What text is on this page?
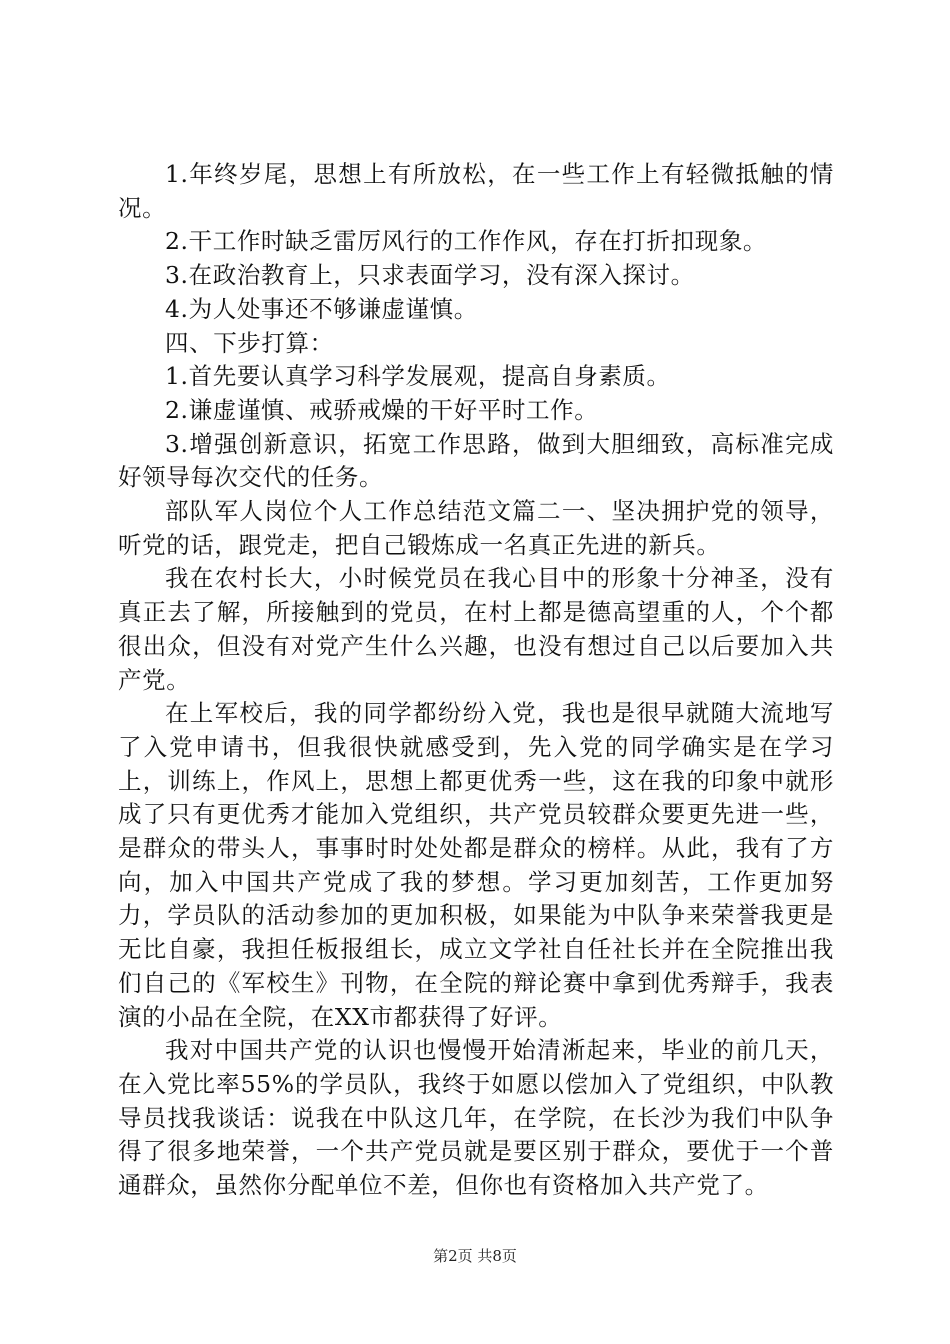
1.年终岁尾，思想上有所放松，在一些工作上有轻微抵触的情况。

2.干工作时缺乏雷厉风行的工作作风，存在打折扣现象。

3.在政治教育上，只求表面学习，没有深入探讨。

4.为人处事还不够谦虚谨慎。

四、下步打算：

1.首先要认真学习科学发展观，提高自身素质。

2.谦虚谨慎、戒骄戒燥的干好平时工作。

3.增强创新意识，拓宽工作思路，做到大胆细致，高标准完成好领导每次交代的任务。

部队军人岗位个人工作总结范文篇二一、坚决拥护党的领导，听党的话，跟党走，把自己锻炼成一名真正先进的新兵。

我在农村长大，小时候党员在我心目中的形象十分神圣，没有真正去了解，所接触到的党员，在村上都是德高望重的人，个个都很出众，但没有对党产生什么兴趣，也没有想过自己以后要加入共产党。

在上军校后，我的同学都纷纷入党，我也是很早就随大流地写了入党申请书，但我很快就感受到，先入党的同学确实是在学习上，训练上，作风上，思想上都更优秀一些，这在我的印象中就形成了只有更优秀才能加入党组织，共产党员较群众要更先进一些，是群众的带头人，事事时时处处都是群众的榜样。从此，我有了方向，加入中国共产党成了我的梦想。学习更加刻苦，工作更加努力，学员队的活动参加的更加积极，如果能为中队争来荣誉我更是无比自豪，我担任板报组长，成立文学社自任社长并在全院推出我们自己的《军校生》刊物，在全院的辩论赛中拿到优秀辩手，我表演的小品在全院，在XX市都获得了好评。

我对中国共产党的认识也慢慢开始清淅起来，毕业的前几天，在入党比率55%的学员队，我终于如愿以偿加入了党组织，中队教导员找我谈话：说我在中队这几年，在学院，在长沙为我们中队争得了很多地荣誉，一个共产党员就是要区别于群众，要优于一个普通群众，虽然你分配单位不差，但你也有资格加入共产党了。

第2页 共8页
